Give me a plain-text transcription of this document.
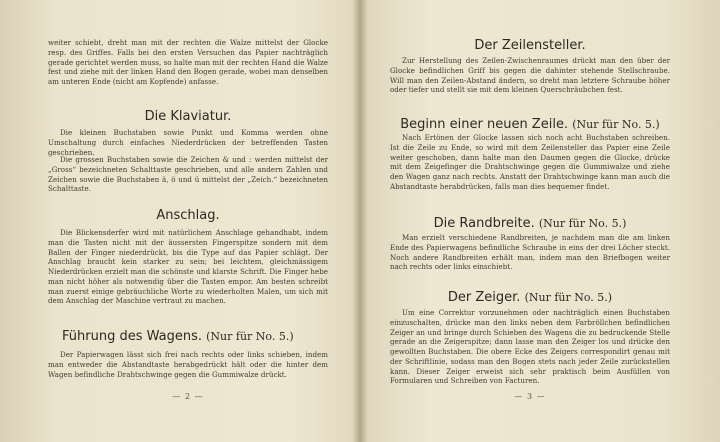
weiter schiebt, dreht man mit der rechten die Walze mittelst der Glocke resp. des Griffes. Falls bei den ersten Versuchen das Papier nachträglich gerade gerichtet werden muss, so halte man mit der rechten Hand die Walze fest und ziehe mit der linken Hand den Bogen gerade, wobei man denselben am unteren Ende (nicht am Kopfende) anfasse.

Die Klaviatur.

Die kleinen Buchstaben sowie Punkt und Komma werden ohne Umschaltung durch einfaches Niederdrücken der betreffenden Tasten geschrieben.

Die grossen Buchstaben sowie die Zeichen & und : werden mittelst der „Gross“ bezeichneten Schalttaste geschrieben, und alle andern Zahlen und Zeichen sowie die Buchstaben ä, ö und ü mittelst der „Zeich.“ bezeichneten Schalttaste.

Anschlag.

Die Blickensderfer wird mit natürlichem Anschlage gehandhabt, indem man die Tasten nicht mit der äussersten Fingerspitze sondern mit dem Ballen der Finger niederdrückt, bis die Type auf das Papier schlägt. Der Anschlag braucht kein starker zu sein; bei leichtem, gleichmässigem Niederdrücken erzielt man die schönste und klarste Schrift. Die Finger hebe man nicht höher als notwendig über die Tasten empor. Am besten schreibt man zuerst einige gebräuchliche Worte zu wiederholten Malen, um sich mit dem Anschlag der Maschine vertraut zu machen.

Führung des Wagens. (Nur für No. 5.)

Der Papierwagen lässt sich frei nach rechts oder links schieben, indem man entweder die Abstandtaste herabgedrückt hält oder die hinter dem Wagen befindliche Drahtschwinge gegen die Gummiwalze drückt.

— 2 —
Der Zeilensteller.

Zur Herstellung des Zeilen-Zwischenraumes drückt man den über der Glocke befindlichen Griff bis gegen die dahinter stehende Stellschraube. Will man den Zeilen-Abstand ändern, so dreht man letztere Schraube höher oder tiefer und stellt sie mit dem kleinen Querschräubchen fest.

Beginn einer neuen Zeile. (Nur für No. 5.)

Nach Ertönen der Glocke lassen sich noch acht Buchstaben schreiben. Ist die Zeile zu Ende, so wird mit dem Zeilensteller das Papier eine Zeile weiter geschoben, dann halte man den Daumen gegen die Glocke, drücke mit dem Zeigefinger die Drahtschwinge gegen die Gummiwalze und ziehe den Wagen ganz nach rechts. Anstatt der Drahtschwinge kann man auch die Abstandtaste herabdrücken, falls man dies bequemer findet.

Die Randbreite. (Nur für No. 5.)

Man erzielt verschiedene Randbreiten, je nachdem man die am linken Ende des Papierwagens befindliche Schraube in eins der drei Löcher steckt. Noch andere Randbreiten erhält man, indem man den Briefbogen weiter nach rechts oder links einschiebt.

Der Zeiger. (Nur für No. 5.)

Um eine Correktur vorzunehmen oder nachträglich einen Buchstaben einzuschalten, drücke man den links neben dem Farbröllchen befindlichen Zeiger an und bringe durch Schieben des Wagens die zu bedruckende Stelle gerade an die Zeigerspitze; dann lasse man den Zeiger los und drücke den gewollten Buchstaben. Die obere Ecke des Zeigers correspondirt genau mit der Schriftlinie, sodass man den Bogen stets nach jeder Zeile zurückstellen kann. Dieser Zeiger erweist sich sehr praktisch beim Ausfüllen von Formularen und Schreiben von Facturen.

— 3 —
